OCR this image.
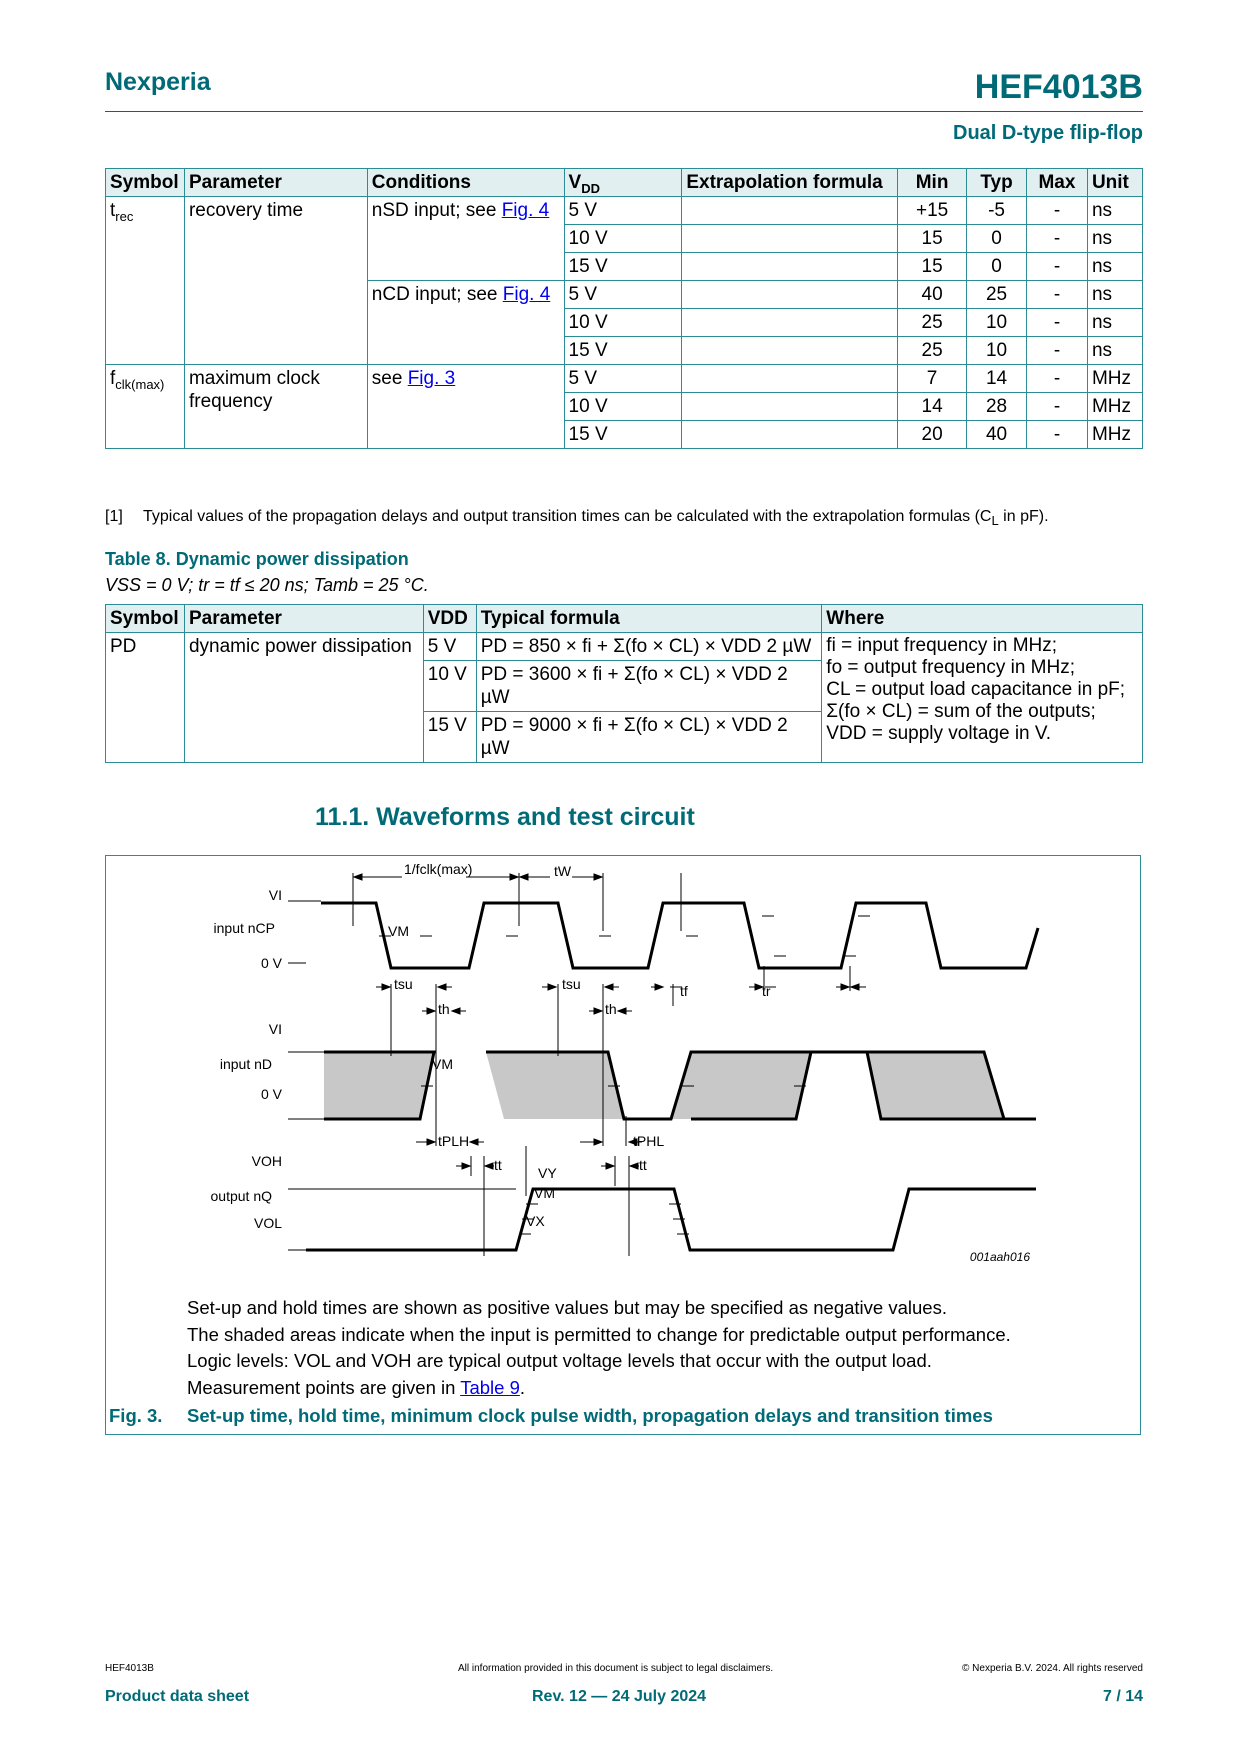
Nexperia	HEF4013B
Dual D-type flip-flop
Symbol	Parameter	Conditions	$V_{DD}$	Extrapolation formula	Min	Typ	Max	Unit
$t_{rec}$	recovery time	nSD input; see Fig. 4	5 V		+15	-5	-	ns
			10 V		15	0	-	ns
			15 V		15	0	-	ns
		nCD input; see Fig. 4	5 V		40	25	-	ns
			10 V		25	10	-	ns
			15 V		25	10	-	ns
$f_{clk(max)}$	maximum clock frequency	see Fig. 3	5 V		7	14	-	MHz
			10 V		14	28	-	MHz
			15 V		20	40	-	MHz
[1] Typical values of the propagation delays and output transition times can be calculated with the extrapolation formulas ($C_L$ in pF).
Table 8. Dynamic power dissipation
VSS = 0 V; tr = tf ≤ 20 ns; Tamb = 25 °C.
Symbol	Parameter	VDD	Typical formula	Where
PD	dynamic power dissipation	5 V	PD = 850 × fi + Σ(fo × CL) × VDD 2 µW	fi = input frequency in MHz;
fo = output frequency in MHz;
CL = output load capacitance in pF;
Σ(fo × CL) = sum of the outputs;
VDD = supply voltage in V.

		10 V	PD = 3600 × fi + Σ(fo × CL) × VDD 2 µW	
		15 V	PD = 9000 × fi + Σ(fo × CL) × VDD 2 µW	
11.1. Waveforms and test circuit
input nCP
input nD
output nQ
VI
0 V
VI
0 V
VOH
VOL
VM
VM
VY
VM
VX
1/fclk(max)	tW
tsu	tsu
th	th
tf	tr
tPLH	tPHL
tt	tt
001aah016
Set-up and hold times are shown as positive values but may be specified as negative values.
The shaded areas indicate when the input is permitted to change for predictable output performance.
Logic levels: VOL and VOH are typical output voltage levels that occur with the output load.
Measurement points are given in Table 9.
Fig. 3. Set-up time, hold time, minimum clock pulse width, propagation delays and transition times
HEF4013B	All information provided in this document is subject to legal disclaimers.	© Nexperia B.V. 2024. All rights reserved
Product data sheet	Rev. 12 — 24 July 2024	7 / 14
